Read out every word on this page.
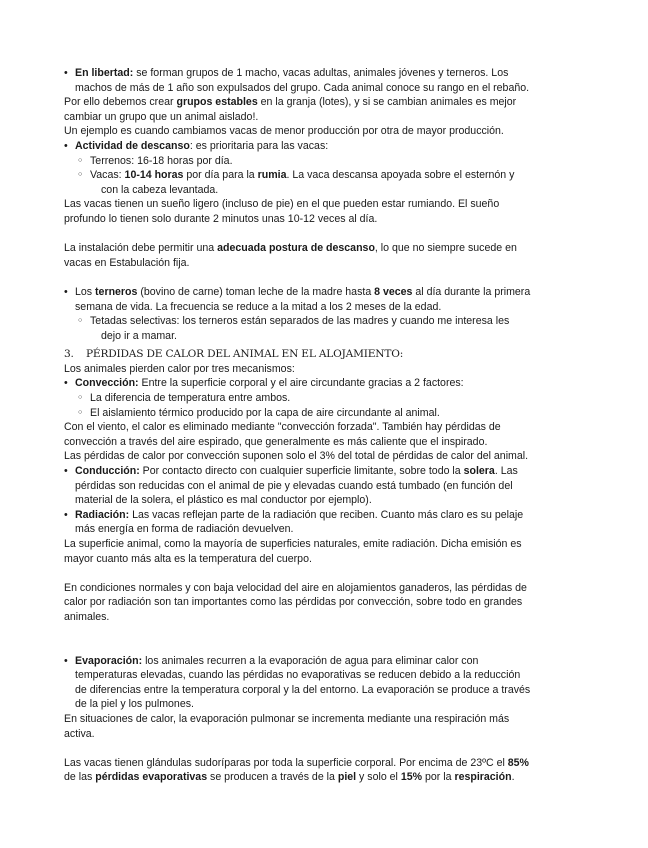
• En libertad: se forman grupos de 1 macho, vacas adultas, animales jóvenes y terneros. Los
machos de más de 1 año son expulsados del grupo. Cada animal conoce su rango en el rebaño.
Por ello debemos crear grupos estables en la granja (lotes), y si se cambian animales es mejor
cambiar un grupo que un animal aislado!.
Un ejemplo es cuando cambiamos vacas de menor producción por otra de mayor producción.
• Actividad de descanso: es prioritaria para las vacas:
○ Terrenos: 16-18 horas por día.
○ Vacas: 10-14 horas por día para la rumia. La vaca descansa apoyada sobre el esternón y
con la cabeza levantada.
Las vacas tienen un sueño ligero (incluso de pie) en el que pueden estar rumiando. El sueño
profundo lo tienen solo durante 2 minutos unas 10-12 veces al día.
La instalación debe permitir una adecuada postura de descanso, lo que no siempre sucede en
vacas en Estabulación fija.
• Los terneros (bovino de carne) toman leche de la madre hasta 8 veces al día durante la primera
semana de vida. La frecuencia se reduce a la mitad a los 2 meses de la edad.
○ Tetadas selectivas: los terneros están separados de las madres y cuando me interesa les
dejo ir a mamar.
3. PÉRDIDAS DE CALOR DEL ANIMAL EN EL ALOJAMIENTO:
Los animales pierden calor por tres mecanismos:
• Convección: Entre la superficie corporal y el aire circundante gracias a 2 factores:
○ La diferencia de temperatura entre ambos.
○ El aislamiento térmico producido por la capa de aire circundante al animal.
Con el viento, el calor es eliminado mediante "convección forzada". También hay pérdidas de
convección a través del aire espirado, que generalmente es más caliente que el inspirado.
Las pérdidas de calor por convección suponen solo el 3% del total de pérdidas de calor del animal.
• Conducción: Por contacto directo con cualquier superficie limitante, sobre todo la solera. Las
pérdidas son reducidas con el animal de pie y elevadas cuando está tumbado (en función del
material de la solera, el plástico es mal conductor por ejemplo).
• Radiación: Las vacas reflejan parte de la radiación que reciben. Cuanto más claro es su pelaje
más energía en forma de radiación devuelven.
La superficie animal, como la mayoría de superficies naturales, emite radiación. Dicha emisión es
mayor cuanto más alta es la temperatura del cuerpo.
En condiciones normales y con baja velocidad del aire en alojamientos ganaderos, las pérdidas de
calor por radiación son tan importantes como las pérdidas por convección, sobre todo en grandes
animales.
• Evaporación: los animales recurren a la evaporación de agua para eliminar calor con
temperaturas elevadas, cuando las pérdidas no evaporativas se reducen debido a la reducción
de diferencias entre la temperatura corporal y la del entorno. La evaporación se produce a través
de la piel y los pulmones.
En situaciones de calor, la evaporación pulmonar se incrementa mediante una respiración más
activa.
Las vacas tienen glándulas sudoríparas por toda la superficie corporal. Por encima de 23ºC el 85%
de las pérdidas evaporativas se producen a través de la piel y solo el 15% por la respiración.
